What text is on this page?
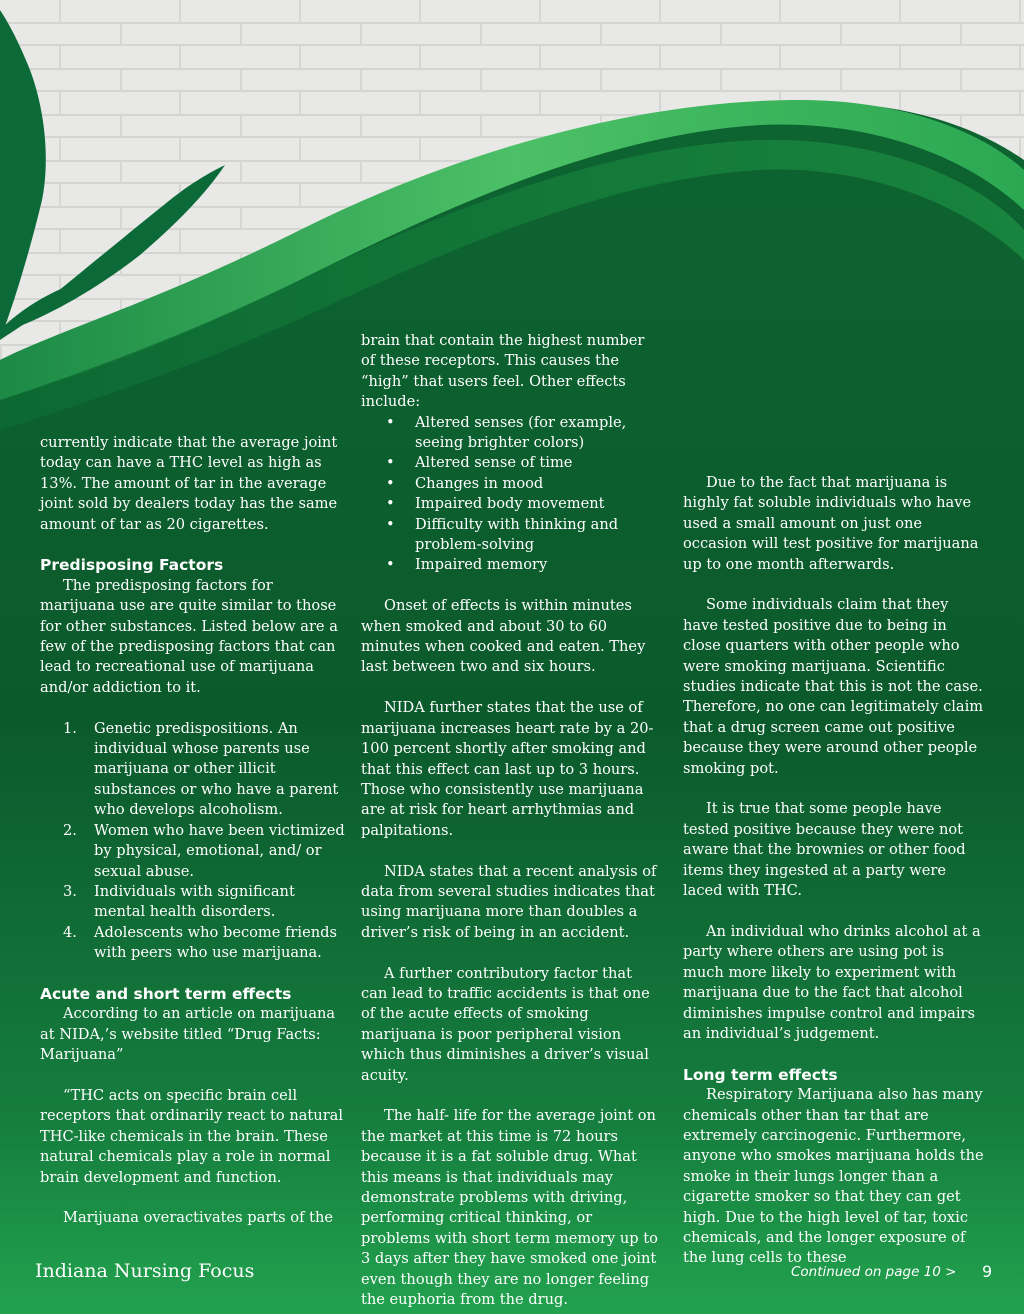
currently indicate that the average joint today can have a THC level as high as 13%. The amount of tar in the average joint sold by dealers today has the same amount of tar as 20 cigarettes.

Predisposing Factors

The predisposing factors for marijuana use are quite similar to those for other substances. Listed below are a few of the predisposing factors that can lead to recreational use of marijuana and/or addiction to it.

1. Genetic predispositions. An individual whose parents use marijuana or other illicit substances or who have a parent who develops alcoholism.
2. Women who have been victimized by physical, emotional, and/ or sexual abuse.
3. Individuals with significant mental health disorders.
4. Adolescents who become friends with peers who use marijuana.
Acute and short term effects

According to an article on marijuana at NIDA,’s website titled “Drug Facts: Marijuana”

“THC acts on specific brain cell receptors that ordinarily react to natural THC-like chemicals in the brain. These natural chemicals play a role in normal brain development and function.

Marijuana overactivates parts of the

brain that contain the highest number of these receptors. This causes the “high” that users feel. Other effects include:

• Altered senses (for example, seeing brighter colors)
• Altered sense of time
• Changes in mood
• Impaired body movement
• Difficulty with thinking and problem-solving
• Impaired memory

Onset of effects is within minutes when smoked and about 30 to 60 minutes when cooked and eaten. They last between two and six hours.

NIDA further states that the use of marijuana increases heart rate by a 20-100 percent shortly after smoking and that this effect can last up to 3 hours. Those who consistently use marijuana are at risk for heart arrhythmias and palpitations.

NIDA states that a recent analysis of data from several studies indicates that using marijuana more than doubles a driver’s risk of being in an accident.

A further contributory factor that can lead to traffic accidents is that one of the acute effects of smoking marijuana is poor peripheral vision which thus diminishes a driver’s visual acuity.

The half- life for the average joint on the market at this time is 72 hours because it is a fat soluble drug. What this means is that individuals may demonstrate problems with driving, performing critical thinking, or problems with short term memory up to 3 days after they have smoked one joint even though they are no longer feeling the euphoria from the drug.

Due to the fact that marijuana is highly fat soluble individuals who have used a small amount on just one occasion will test positive for marijuana up to one month afterwards.

Some individuals claim that they have tested positive due to being in close quarters with other people who were smoking marijuana. Scientific studies indicate that this is not the case. Therefore, no one can legitimately claim that a drug screen came out positive because they were around other people smoking pot.

It is true that some people have tested positive because they were not aware that the brownies or other food items they ingested at a party were laced with THC.

An individual who drinks alcohol at a party where others are using pot is much more likely to experiment with marijuana due to the fact that alcohol diminishes impulse control and impairs an individual’s judgement.

Long term effects

Respiratory Marijuana also has many chemicals other than tar that are extremely carcinogenic. Furthermore, anyone who smokes marijuana holds the smoke in their lungs longer than a cigarette smoker so that they can get high. Due to the high level of tar, toxic chemicals, and the longer exposure of the lung cells to these

Indiana Nursing Focus	Continued on page 10 > 9
